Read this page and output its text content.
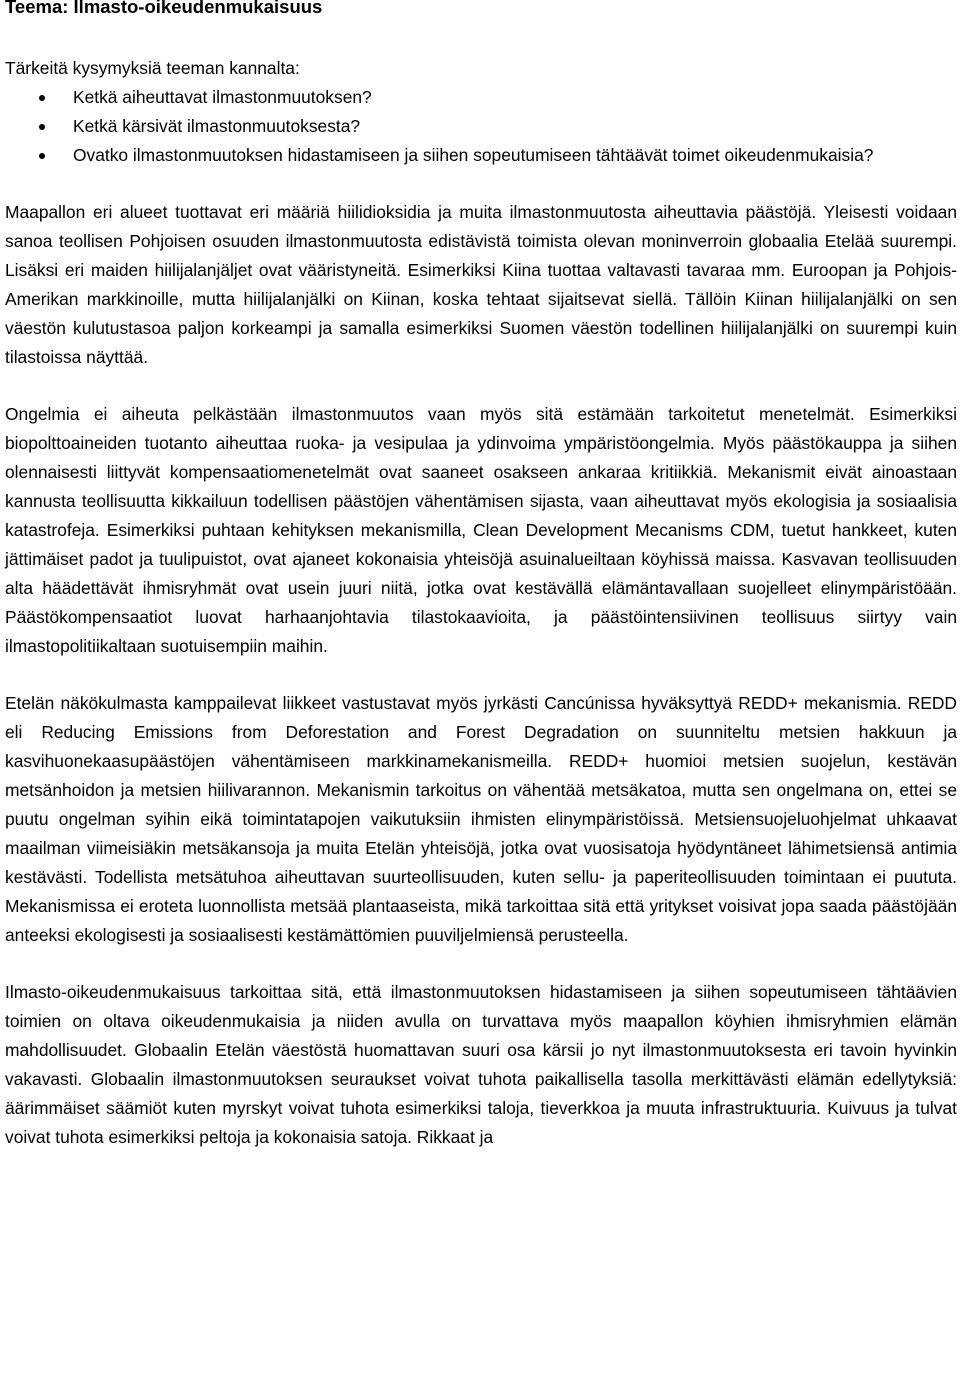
Teema: Ilmasto-oikeudenmukaisuus

Tärkeitä kysymyksiä teeman kannalta:

Ketkä aiheuttavat ilmastonmuutoksen?
Ketkä kärsivät ilmastonmuutoksesta?
Ovatko ilmastonmuutoksen hidastamiseen ja siihen sopeutumiseen tähtäävät toimet oikeudenmukaisia?

Maapallon eri alueet tuottavat eri määriä hiilidioksidia ja muita ilmastonmuutosta aiheuttavia päästöjä. Yleisesti voidaan sanoa teollisen Pohjoisen osuuden ilmastonmuutosta edistävistä toimista olevan moninverroin globaalia Etelää suurempi. Lisäksi eri maiden hiilijalanjäljet ovat vääristyneitä. Esimerkiksi Kiina tuottaa valtavasti tavaraa mm. Euroopan ja Pohjois-Amerikan markkinoille, mutta hiilijalanjälki on Kiinan, koska tehtaat sijaitsevat siellä. Tällöin Kiinan hiilijalanjälki on sen väestön kulutustasoa paljon korkeampi ja samalla esimerkiksi Suomen väestön todellinen hiilijalanjälki on suurempi kuin tilastoissa näyttää.

Ongelmia ei aiheuta pelkästään ilmastonmuutos vaan myös sitä estämään tarkoitetut menetelmät. Esimerkiksi biopolttoaineiden tuotanto aiheuttaa ruoka- ja vesipulaa ja ydinvoima ympäristöongelmia. Myös päästökauppa ja siihen olennaisesti liittyvät kompensaatiomenetelmät ovat saaneet osakseen ankaraa kritiikkiä. Mekanismit eivät ainoastaan kannusta teollisuutta kikkailuun todellisen päästöjen vähentämisen sijasta, vaan aiheuttavat myös ekologisia ja sosiaalisia katastrofeja. Esimerkiksi puhtaan kehityksen mekanismilla, Clean Development Mecanisms CDM, tuetut hankkeet, kuten jättimäiset padot ja tuulipuistot, ovat ajaneet kokonaisia yhteisöjä asuinalueiltaan köyhissä maissa. Kasvavan teollisuuden alta häädettävät ihmisryhmät ovat usein juuri niitä, jotka ovat kestävällä elämäntavallaan suojelleet elinympäristöään. Päästökompensaatiot luovat harhaanjohtavia tilastokaavioita, ja päästöintensiivinen teollisuus siirtyy vain ilmastopolitiikaltaan suotuisempiin maihin.

Etelän näkökulmasta kamppailevat liikkeet vastustavat myös jyrkästi Cancúnissa hyväksyttyä REDD+ mekanismia. REDD eli Reducing Emissions from Deforestation and Forest Degradation on suunniteltu metsien hakkuun ja kasvihuonekaasupäästöjen vähentämiseen markkinamekanismeilla. REDD+ huomioi metsien suojelun, kestävän metsänhoidon ja metsien hiilivarannon. Mekanismin tarkoitus on vähentää metsäkatoa, mutta sen ongelmana on, ettei se puutu ongelman syihin eikä toimintatapojen vaikutuksiin ihmisten elinympäristöissä. Metsiensuojeluohjelmat uhkaavat maailman viimeisiäkin metsäkansoja ja muita Etelän yhteisöjä, jotka ovat vuosisatoja hyödyntäneet lähimetsiensä antimia kestävästi. Todellista metsätuhoa aiheuttavan suurteollisuuden, kuten sellu- ja paperiteollisuuden toimintaan ei puututa. Mekanismissa ei eroteta luonnollista metsää plantaaseista, mikä tarkoittaa sitä että yritykset voisivat jopa saada päästöjään anteeksi ekologisesti ja sosiaalisesti kestämättömien puuviljelmiensä perusteella.

Ilmasto-oikeudenmukaisuus tarkoittaa sitä, että ilmastonmuutoksen hidastamiseen ja siihen sopeutumiseen tähtäävien toimien on oltava oikeudenmukaisia ja niiden avulla on turvattava myös maapallon köyhien ihmisryhmien elämän mahdollisuudet. Globaalin Etelän väestöstä huomattavan suuri osa kärsii jo nyt ilmastonmuutoksesta eri tavoin hyvinkin vakavasti. Globaalin ilmastonmuutoksen seuraukset voivat tuhota paikallisella tasolla merkittävästi elämän edellytyksiä: äärimmäiset säämiöt kuten myrskyt voivat tuhota esimerkiksi taloja, tieverkkoa ja muuta infrastruktuuria. Kuivuus ja tulvat voivat tuhota esimerkiksi peltoja ja kokonaisia satoja. Rikkaat ja
